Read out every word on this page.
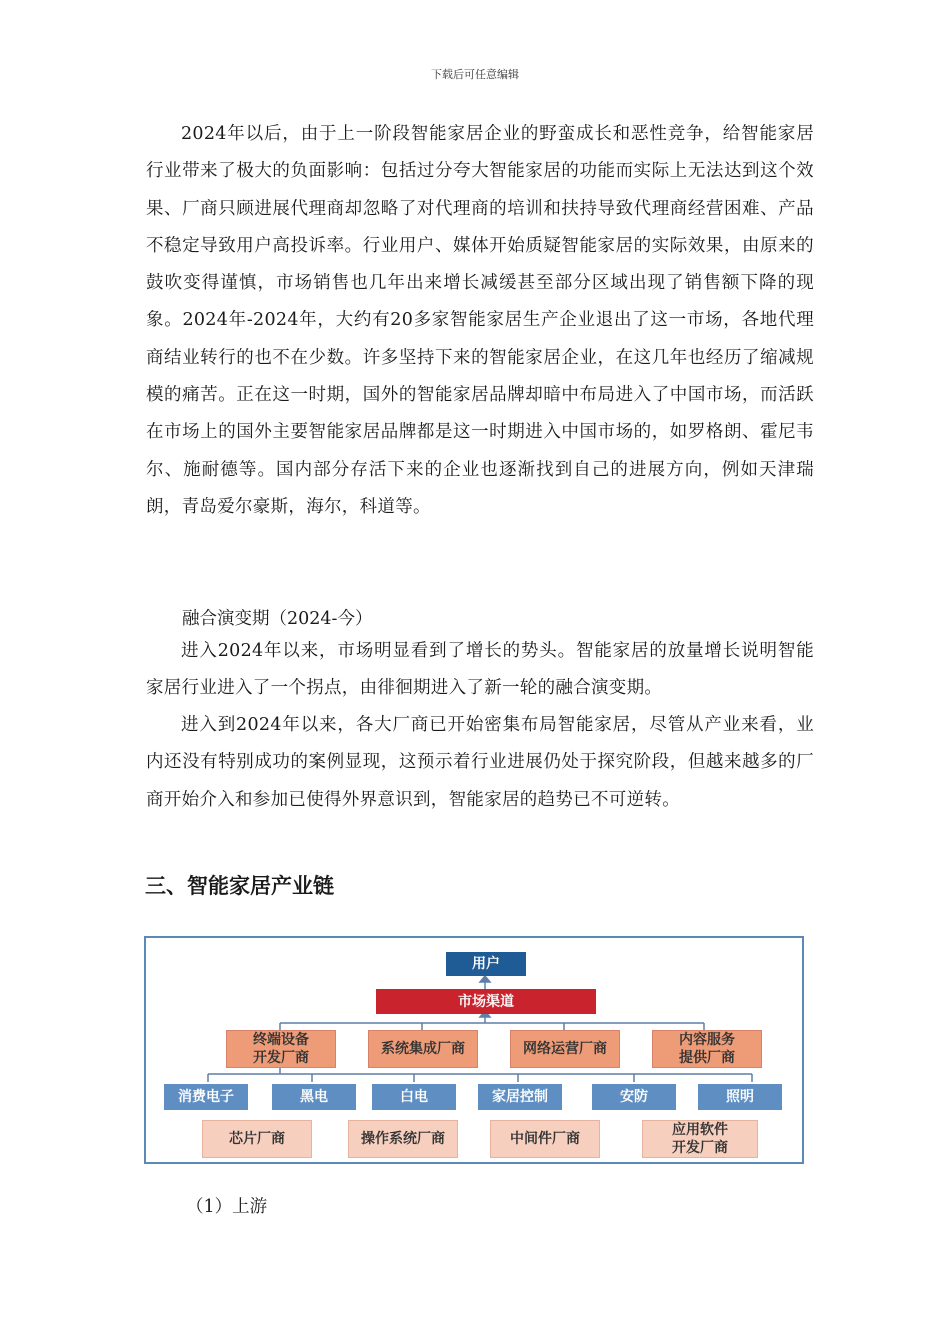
下载后可任意编辑
2024年以后，由于上一阶段智能家居企业的野蛮成长和恶性竞争，给智能家居行业带来了极大的负面影响：包括过分夸大智能家居的功能而实际上无法达到这个效果、厂商只顾进展代理商却忽略了对代理商的培训和扶持导致代理商经营困难、产品不稳定导致用户高投诉率。行业用户、媒体开始质疑智能家居的实际效果，由原来的鼓吹变得谨慎，市场销售也几年出来增长减缓甚至部分区域出现了销售额下降的现象。2024年-2024年，大约有20多家智能家居生产企业退出了这一市场，各地代理商结业转行的也不在少数。许多坚持下来的智能家居企业，在这几年也经历了缩减规模的痛苦。正在这一时期，国外的智能家居品牌却暗中布局进入了中国市场，而活跃在市场上的国外主要智能家居品牌都是这一时期进入中国市场的，如罗格朗、霍尼韦尔、施耐德等。国内部分存活下来的企业也逐渐找到自己的进展方向，例如天津瑞朗，青岛爱尔豪斯，海尔，科道等。
融合演变期（2024-今）
进入2024年以来，市场明显看到了增长的势头。智能家居的放量增长说明智能家居行业进入了一个拐点，由徘徊期进入了新一轮的融合演变期。
进入到2024年以来，各大厂商已开始密集布局智能家居，尽管从产业来看，业内还没有特别成功的案例显现，这预示着行业进展仍处于探究阶段，但越来越多的厂商开始介入和参加已使得外界意识到，智能家居的趋势已不可逆转。
三、智能家居产业链
用户
市场渠道
终端设备
开发厂商
系统集成厂商	网络运营厂商
内容服务
提供厂商
消费电子	黑电	白电	家居控制	安防	照明
芯片厂商	操作系统厂商	中间件厂商
应用软件
开发厂商
（1）上游
